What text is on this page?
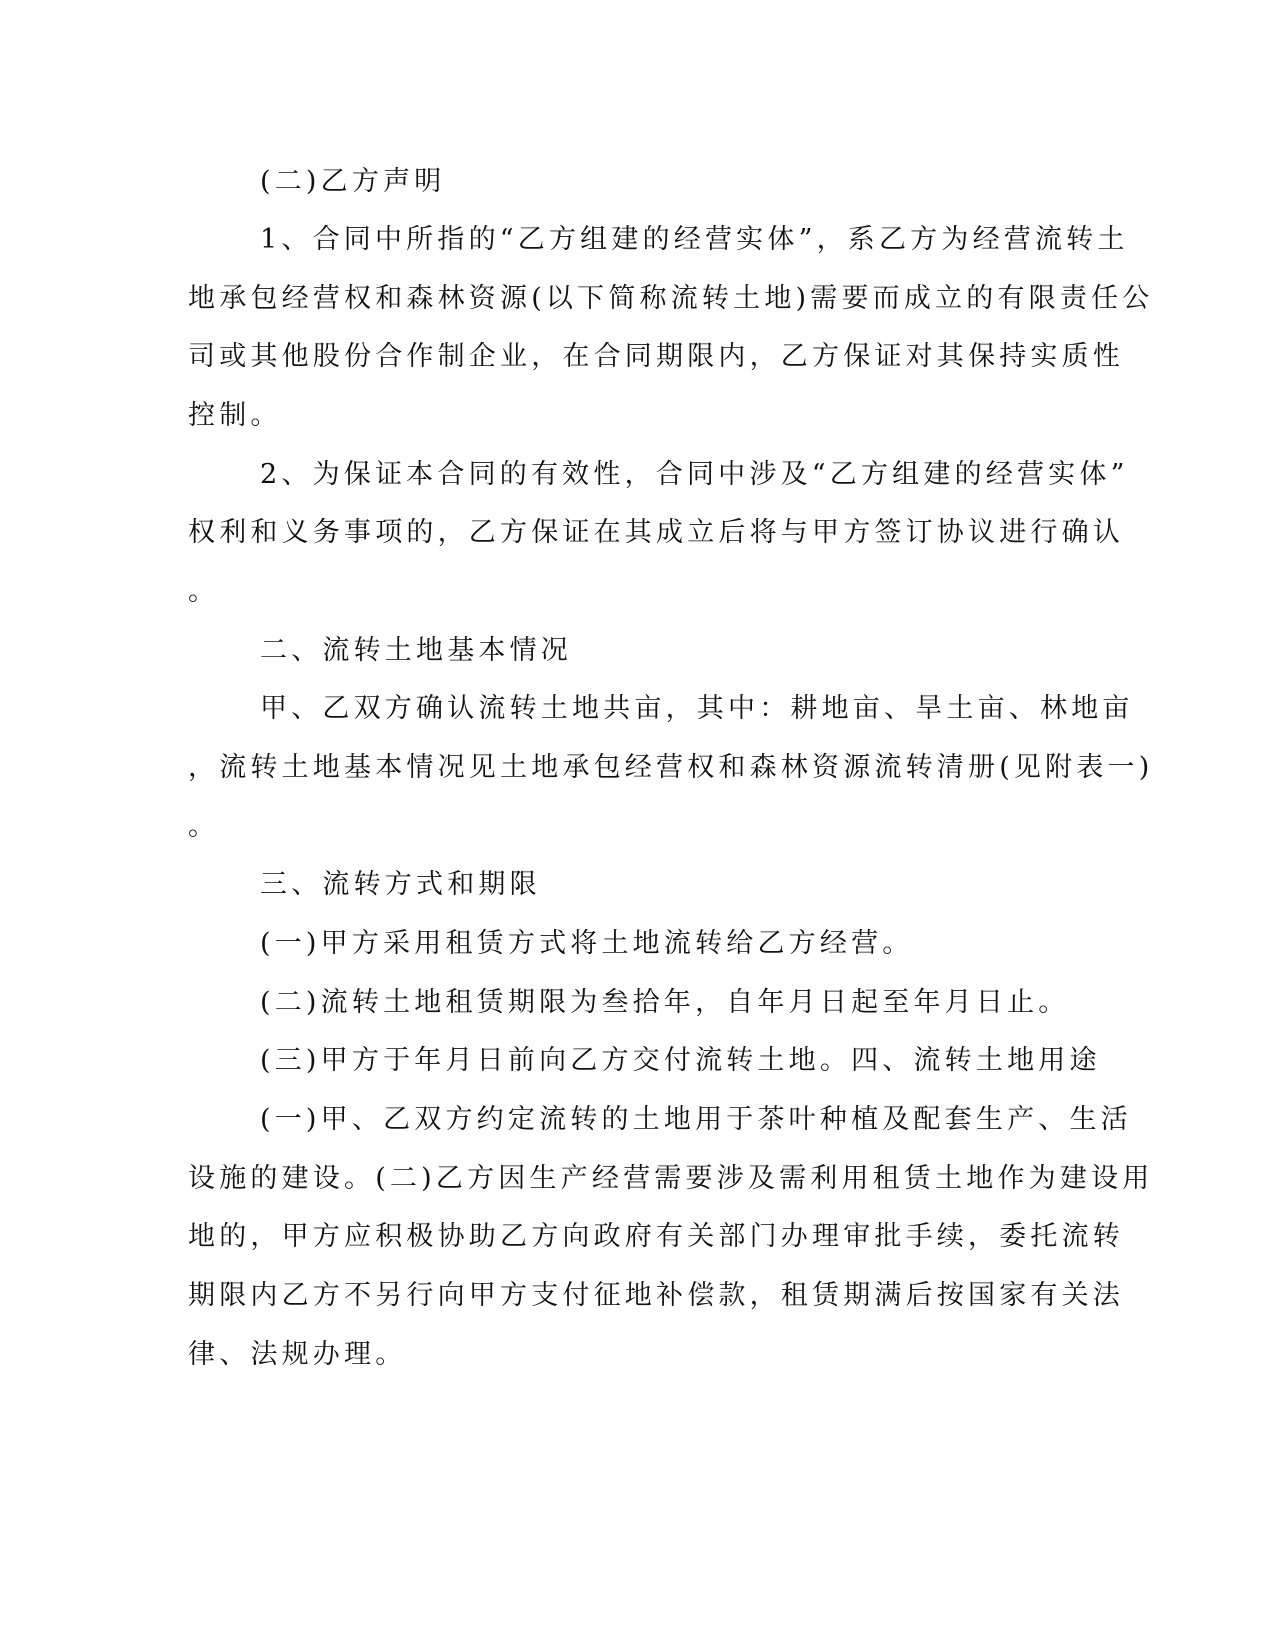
(二)乙方声明

1、合同中所指的“乙方组建的经营实体”，系乙方为经营流转土

地承包经营权和森林资源(以下简称流转土地)需要而成立的有限责任公

司或其他股份合作制企业，在合同期限内，乙方保证对其保持实质性

控制。

2、为保证本合同的有效性，合同中涉及“乙方组建的经营实体”

权利和义务事项的，乙方保证在其成立后将与甲方签订协议进行确认

。

二、流转土地基本情况

甲、乙双方确认流转土地共亩，其中：耕地亩、旱土亩、林地亩

，流转土地基本情况见土地承包经营权和森林资源流转清册(见附表一)

。

三、流转方式和期限

(一)甲方采用租赁方式将土地流转给乙方经营。

(二)流转土地租赁期限为叁拾年，自年月日起至年月日止。

(三)甲方于年月日前向乙方交付流转土地。四、流转土地用途

(一)甲、乙双方约定流转的土地用于茶叶种植及配套生产、生活

设施的建设。(二)乙方因生产经营需要涉及需利用租赁土地作为建设用

地的，甲方应积极协助乙方向政府有关部门办理审批手续，委托流转

期限内乙方不另行向甲方支付征地补偿款，租赁期满后按国家有关法

律、法规办理。
